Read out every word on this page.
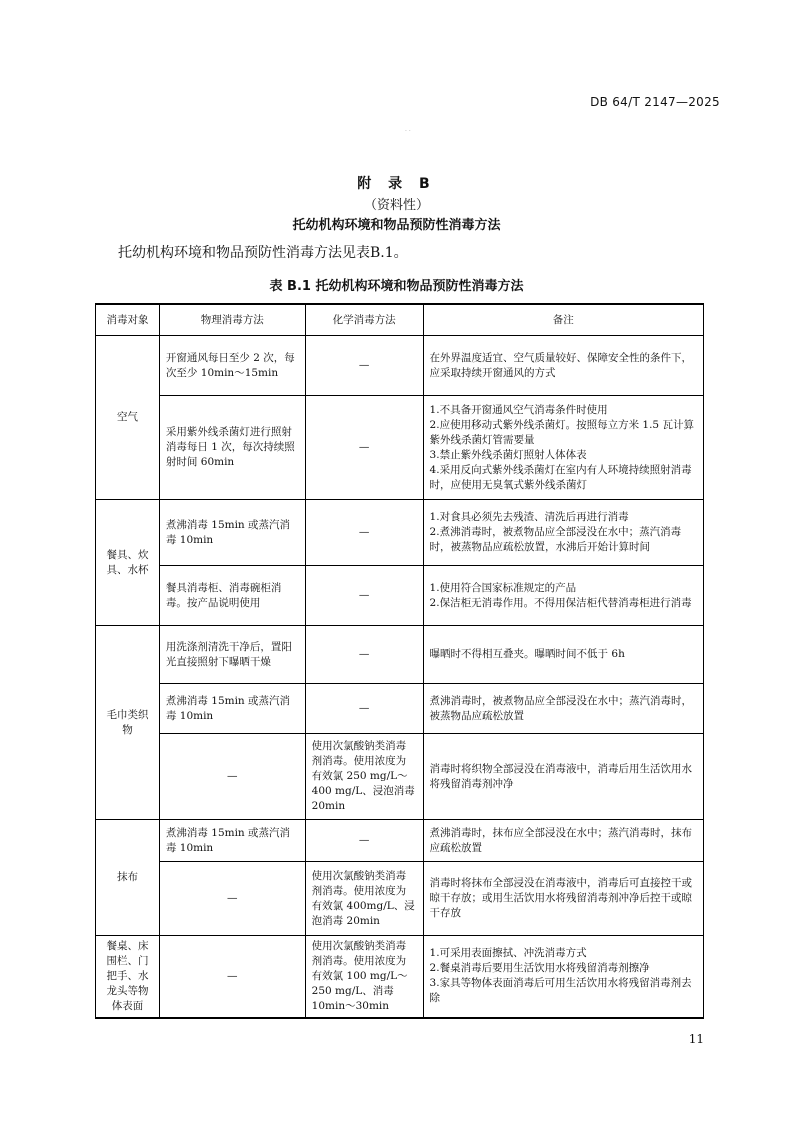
DB 64/T 2147—2025
· ·
附 录 B
（资料性）
托幼机构环境和物品预防性消毒方法
托幼机构环境和物品预防性消毒方法见表B.1。
表 B.1 托幼机构环境和物品预防性消毒方法
消毒对象	物理消毒方法	化学消毒方法	备注
空气	开窗通风每日至少 2 次，每次至少 10min～15min	—	在外界温度适宜、空气质量较好、保障安全性的条件下，应采取持续开窗通风的方式
	采用紫外线杀菌灯进行照射消毒每日 1 次，每次持续照射时间 60min	—	1.不具备开窗通风空气消毒条件时使用
2.应使用移动式紫外线杀菌灯。按照每立方米 1.5 瓦计算紫外线杀菌灯管需要量
3.禁止紫外线杀菌灯照射人体体表
4.采用反向式紫外线杀菌灯在室内有人环境持续照射消毒时，应使用无臭氧式紫外线杀菌灯

餐具、炊具、水杯	煮沸消毒 15min 或蒸汽消毒 10min	—	1.对食具必须先去残渣、清洗后再进行消毒
2.煮沸消毒时，被煮物品应全部浸没在水中；蒸汽消毒时，被蒸物品应疏松放置，水沸后开始计算时间

	餐具消毒柜、消毒碗柜消毒。按产品说明使用	—	1.使用符合国家标准规定的产品
2.保洁柜无消毒作用。不得用保洁柜代替消毒柜进行消毒

毛巾类织物	用洗涤剂清洗干净后，置阳光直接照射下曝晒干燥	—	曝晒时不得相互叠夹。曝晒时间不低于 6h
	煮沸消毒 15min 或蒸汽消毒 10min	—	煮沸消毒时，被煮物品应全部浸没在水中；蒸汽消毒时，被蒸物品应疏松放置
	—	使用次氯酸钠类消毒剂消毒。使用浓度为有效氯 250 mg/L～400 mg/L、浸泡消毒 20min	消毒时将织物全部浸没在消毒液中，消毒后用生活饮用水将残留消毒剂冲净
抹布	煮沸消毒 15min 或蒸汽消毒 10min	—	煮沸消毒时，抹布应全部浸没在水中；蒸汽消毒时，抹布应疏松放置
	—	使用次氯酸钠类消毒剂消毒。使用浓度为有效氯 400mg/L、浸泡消毒 20min	消毒时将抹布全部浸没在消毒液中，消毒后可直接控干或晾干存放；或用生活饮用水将残留消毒剂冲净后控干或晾干存放
餐桌、床围栏、门把手、水龙头等物体表面	—	使用次氯酸钠类消毒剂消毒。使用浓度为有效氯 100 mg/L～250 mg/L、消毒 10min～30min	1.可采用表面擦拭、冲洗消毒方式
2.餐桌消毒后要用生活饮用水将残留消毒剂擦净
3.家具等物体表面消毒后可用生活饮用水将残留消毒剂去除
11
